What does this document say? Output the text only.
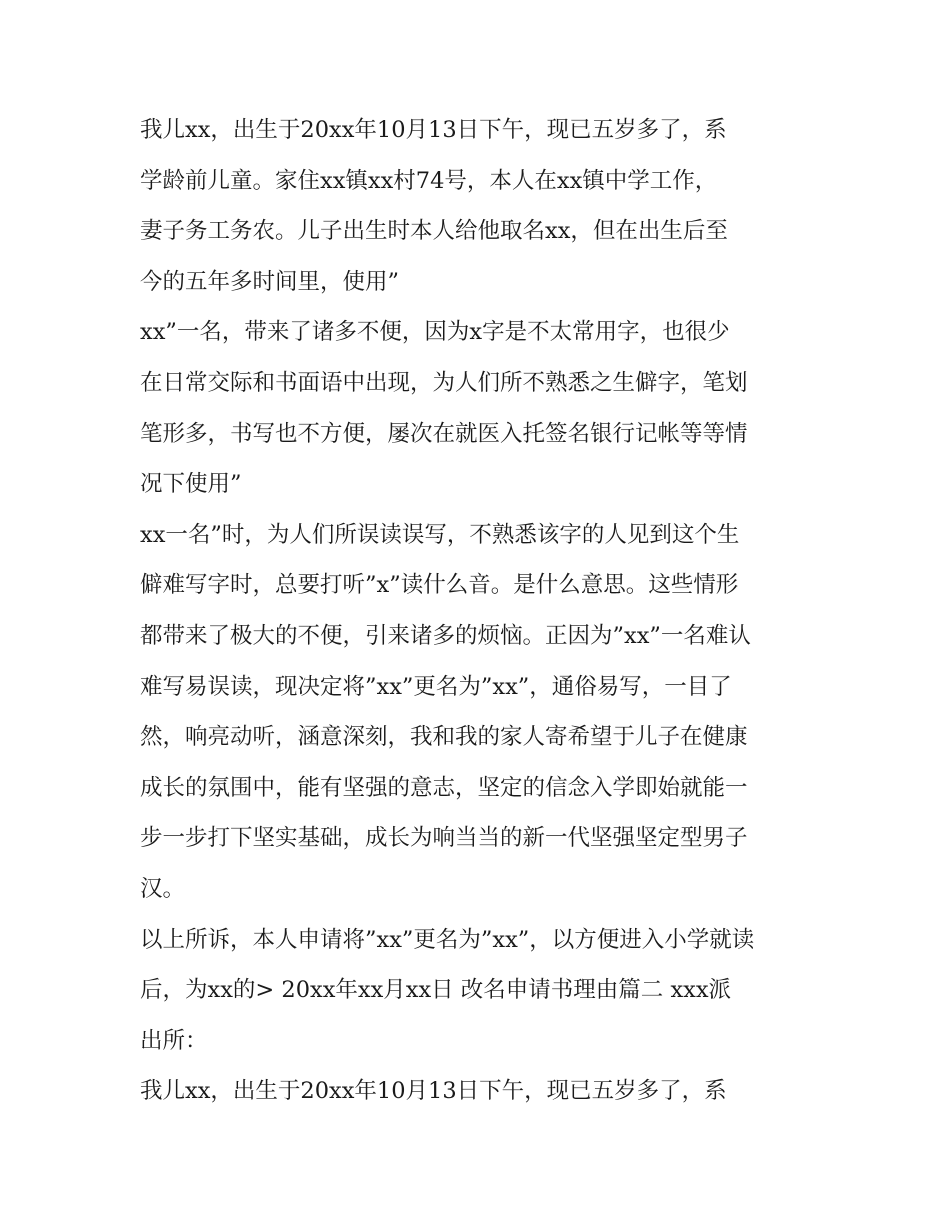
我儿xx，出生于20xx年10月13日下午，现已五岁多了，系
学龄前儿童。家住xx镇xx村74号，本人在xx镇中学工作，
妻子务工务农。儿子出生时本人给他取名xx，但在出生后至
今的五年多时间里，使用”
xx”一名，带来了诸多不便，因为x字是不太常用字，也很少
在日常交际和书面语中出现，为人们所不熟悉之生僻字，笔划
笔形多，书写也不方便，屡次在就医入托签名银行记帐等等情
况下使用”
xx一名”时，为人们所误读误写，不熟悉该字的人见到这个生
僻难写字时，总要打听”x”读什么音。是什么意思。这些情形
都带来了极大的不便，引来诸多的烦恼。正因为”xx”一名难认
难写易误读，现决定将”xx”更名为”xx”，通俗易写，一目了
然，响亮动听，涵意深刻，我和我的家人寄希望于儿子在健康
成长的氛围中，能有坚强的意志，坚定的信念入学即始就能一
步一步打下坚实基础，成长为响当当的新一代坚强坚定型男子
汉。
以上所诉，本人申请将”xx”更名为”xx”，以方便进入小学就读
后，为xx的> 20xx年xx月xx日 改名申请书理由篇二 xxx派
出所：
我儿xx，出生于20xx年10月13日下午，现已五岁多了，系
